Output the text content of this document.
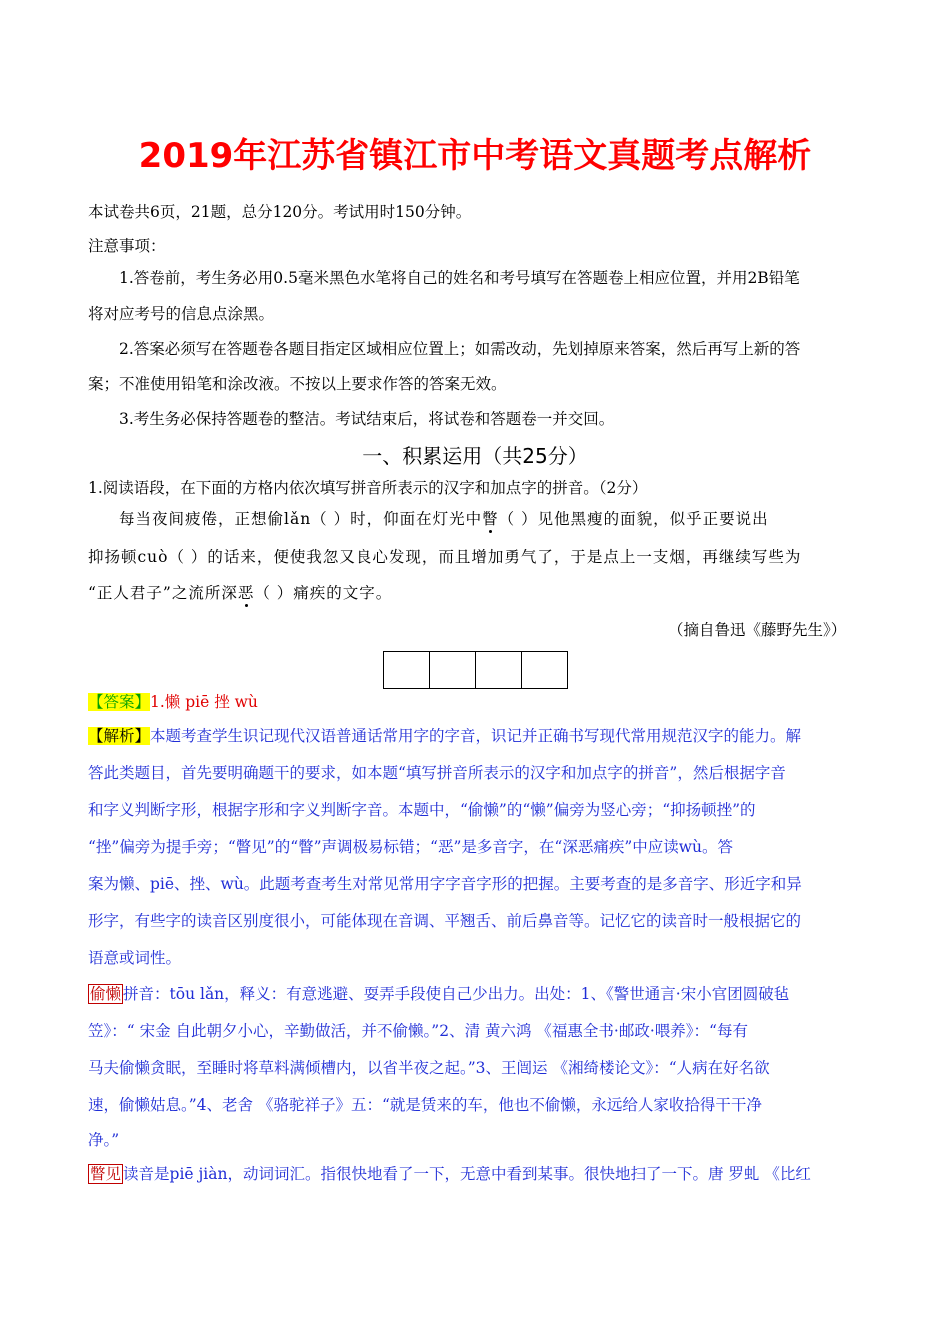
2019年江苏省镇江市中考语文真题考点解析
本试卷共6页，21题，总分120分。考试用时150分钟。
注意事项：
1.答卷前，考生务必用0.5毫米黑色水笔将自己的姓名和考号填写在答题卷上相应位置，并用2B铅笔
将对应考号的信息点涂黑。
2.答案必须写在答题卷各题目指定区域相应位置上；如需改动，先划掉原来答案，然后再写上新的答
案；不准使用铅笔和涂改液。不按以上要求作答的答案无效。
3.考生务必保持答题卷的整洁。考试结束后，将试卷和答题卷一并交回。
一、积累运用（共25分）
1.阅读语段，在下面的方格内依次填写拼音所表示的汉字和加点字的拼音。（2分）
每当夜间疲倦，正想偷lǎn（ ）时，仰面在灯光中瞥（ ）见他黑瘦的面貌，似乎正要说出
抑扬顿cuò（ ）的话来，便使我忽又良心发现，而且增加勇气了，于是点上一支烟，再继续写些为
“正人君子”之流所深恶（ ）痛疾的文字。
（摘自鲁迅《藤野先生》）
【答案】1.懒 piē 挫 wù
【解析】本题考查学生识记现代汉语普通话常用字的字音，识记并正确书写现代常用规范汉字的能力。解
答此类题目，首先要明确题干的要求，如本题“填写拼音所表示的汉字和加点字的拼音”，然后根据字音
和字义判断字形，根据字形和字义判断字音。本题中，“偷懒”的“懒”偏旁为竖心旁；“抑扬顿挫”的
“挫”偏旁为提手旁；“瞥见”的“瞥”声调极易标错；“恶”是多音字，在“深恶痛疾”中应读wù。答
案为懒、piē、挫、wù。此题考查考生对常见常用字字音字形的把握。主要考查的是多音字、形近字和异
形字，有些字的读音区别度很小，可能体现在音调、平翘舌、前后鼻音等。记忆它的读音时一般根据它的
语意或词性。
偷懒 拼音：tōu lǎn，释义：有意逃避、耍弄手段使自己少出力。出处：1、《警世通言·宋小官团圆破毡
笠》：“ 宋金 自此朝夕小心，辛勤做活，并不偷懒。”2、清 黄六鸿 《福惠全书·邮政·喂养》：“每有
马夫偷懒贪眠，至睡时将草料满倾槽内，以省半夜之起。”3、王闿运 《湘绮楼论文》：“人病在好名欲
速，偷懒姑息。”4、老舍 《骆驼祥子》五：“就是赁来的车，他也不偷懒，永远给人家收拾得干干净
净。”
瞥见 读音是piē jiàn，动词词汇。指很快地看了一下，无意中看到某事。很快地扫了一下。唐 罗虬 《比红
